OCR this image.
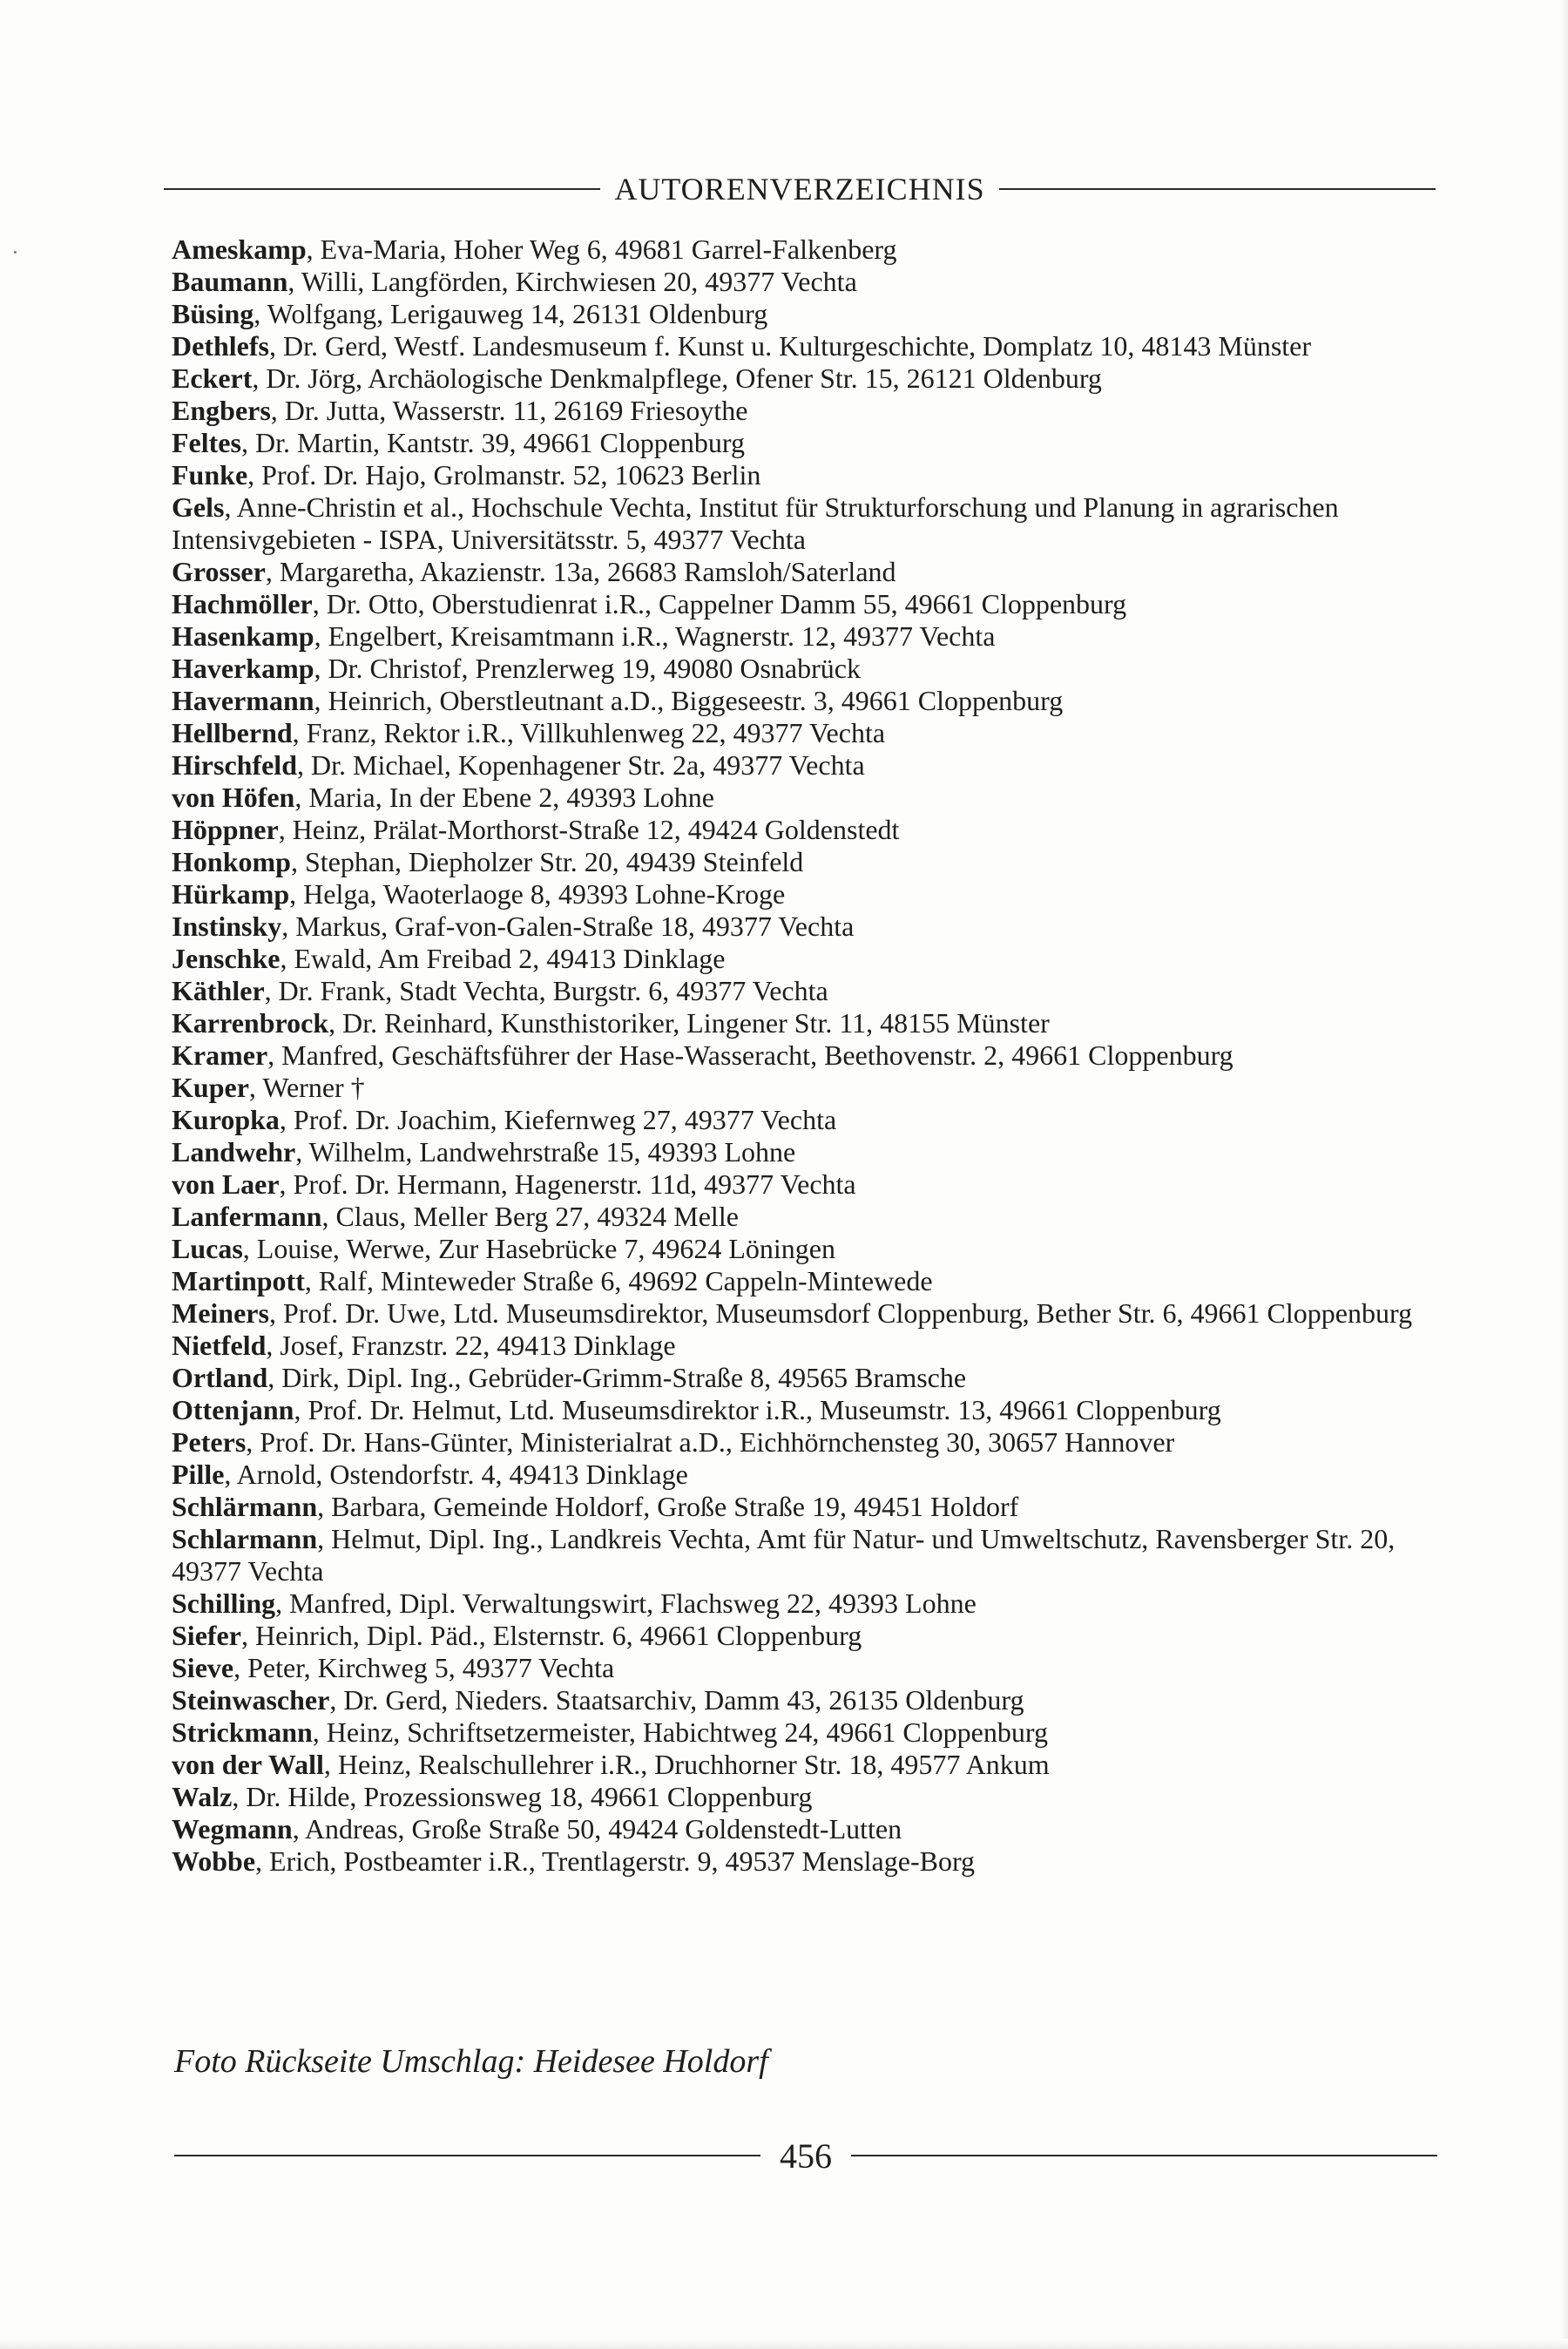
AUTORENVERZEICHNIS

Ameskamp, Eva-Maria, Hoher Weg 6, 49681 Garrel-Falkenberg

Baumann, Willi, Langförden, Kirchwiesen 20, 49377 Vechta

Büsing, Wolfgang, Lerigauweg 14, 26131 Oldenburg

Dethlefs, Dr. Gerd, Westf. Landesmuseum f. Kunst u. Kulturgeschichte, Domplatz 10, 48143 Münster

Eckert, Dr. Jörg, Archäologische Denkmalpflege, Ofener Str. 15, 26121 Oldenburg

Engbers, Dr. Jutta, Wasserstr. 11, 26169 Friesoythe

Feltes, Dr. Martin, Kantstr. 39, 49661 Cloppenburg

Funke, Prof. Dr. Hajo, Grolmanstr. 52, 10623 Berlin

Gels, Anne-Christin et al., Hochschule Vechta, Institut für Strukturforschung und Planung in agrarischen Intensivgebieten - ISPA, Universitätsstr. 5, 49377 Vechta

Grosser, Margaretha, Akazienstr. 13a, 26683 Ramsloh/Saterland

Hachmöller, Dr. Otto, Oberstudienrat i.R., Cappelner Damm 55, 49661 Cloppenburg

Hasenkamp, Engelbert, Kreisamtmann i.R., Wagnerstr. 12, 49377 Vechta

Haverkamp, Dr. Christof, Prenzlerweg 19, 49080 Osnabrück

Havermann, Heinrich, Oberstleutnant a.D., Biggeseestr. 3, 49661 Cloppenburg

Hellbernd, Franz, Rektor i.R., Villkuhlenweg 22, 49377 Vechta

Hirschfeld, Dr. Michael, Kopenhagener Str. 2a, 49377 Vechta

von Höfen, Maria, In der Ebene 2, 49393 Lohne

Höppner, Heinz, Prälat-Morthorst-Straße 12, 49424 Goldenstedt

Honkomp, Stephan, Diepholzer Str. 20, 49439 Steinfeld

Hürkamp, Helga, Waoterlaoge 8, 49393 Lohne-Kroge

Instinsky, Markus, Graf-von-Galen-Straße 18, 49377 Vechta

Jenschke, Ewald, Am Freibad 2, 49413 Dinklage

Käthler, Dr. Frank, Stadt Vechta, Burgstr. 6, 49377 Vechta

Karrenbrock, Dr. Reinhard, Kunsthistoriker, Lingener Str. 11, 48155 Münster

Kramer, Manfred, Geschäftsführer der Hase-Wasseracht, Beethovenstr. 2, 49661 Cloppenburg

Kuper, Werner †

Kuropka, Prof. Dr. Joachim, Kiefernweg 27, 49377 Vechta

Landwehr, Wilhelm, Landwehrstraße 15, 49393 Lohne

von Laer, Prof. Dr. Hermann, Hagenerstr. 11d, 49377 Vechta

Lanfermann, Claus, Meller Berg 27, 49324 Melle

Lucas, Louise, Werwe, Zur Hasebrücke 7, 49624 Löningen

Martinpott, Ralf, Minteweder Straße 6, 49692 Cappeln-Mintewede

Meiners, Prof. Dr. Uwe, Ltd. Museumsdirektor, Museumsdorf Cloppenburg, Bether Str. 6, 49661 Cloppenburg

Nietfeld, Josef, Franzstr. 22, 49413 Dinklage

Ortland, Dirk, Dipl. Ing., Gebrüder-Grimm-Straße 8, 49565 Bramsche

Ottenjann, Prof. Dr. Helmut, Ltd. Museumsdirektor i.R., Museumstr. 13, 49661 Cloppenburg

Peters, Prof. Dr. Hans-Günter, Ministerialrat a.D., Eichhörnchensteg 30, 30657 Hannover

Pille, Arnold, Ostendorfstr. 4, 49413 Dinklage

Schlärmann, Barbara, Gemeinde Holdorf, Große Straße 19, 49451 Holdorf

Schlarmann, Helmut, Dipl. Ing., Landkreis Vechta, Amt für Natur- und Umweltschutz, Ravensberger Str. 20, 49377 Vechta

Schilling, Manfred, Dipl. Verwaltungswirt, Flachsweg 22, 49393 Lohne

Siefer, Heinrich, Dipl. Päd., Elsternstr. 6, 49661 Cloppenburg

Sieve, Peter, Kirchweg 5, 49377 Vechta

Steinwascher, Dr. Gerd, Nieders. Staatsarchiv, Damm 43, 26135 Oldenburg

Strickmann, Heinz, Schriftsetzermeister, Habichtweg 24, 49661 Cloppenburg

von der Wall, Heinz, Realschullehrer i.R., Druchhorner Str. 18, 49577 Ankum

Walz, Dr. Hilde, Prozessionsweg 18, 49661 Cloppenburg

Wegmann, Andreas, Große Straße 50, 49424 Goldenstedt-Lutten

Wobbe, Erich, Postbeamter i.R., Trentlagerstr. 9, 49537 Menslage-Borg

Foto Rückseite Umschlag: Heidesee Holdorf
456
